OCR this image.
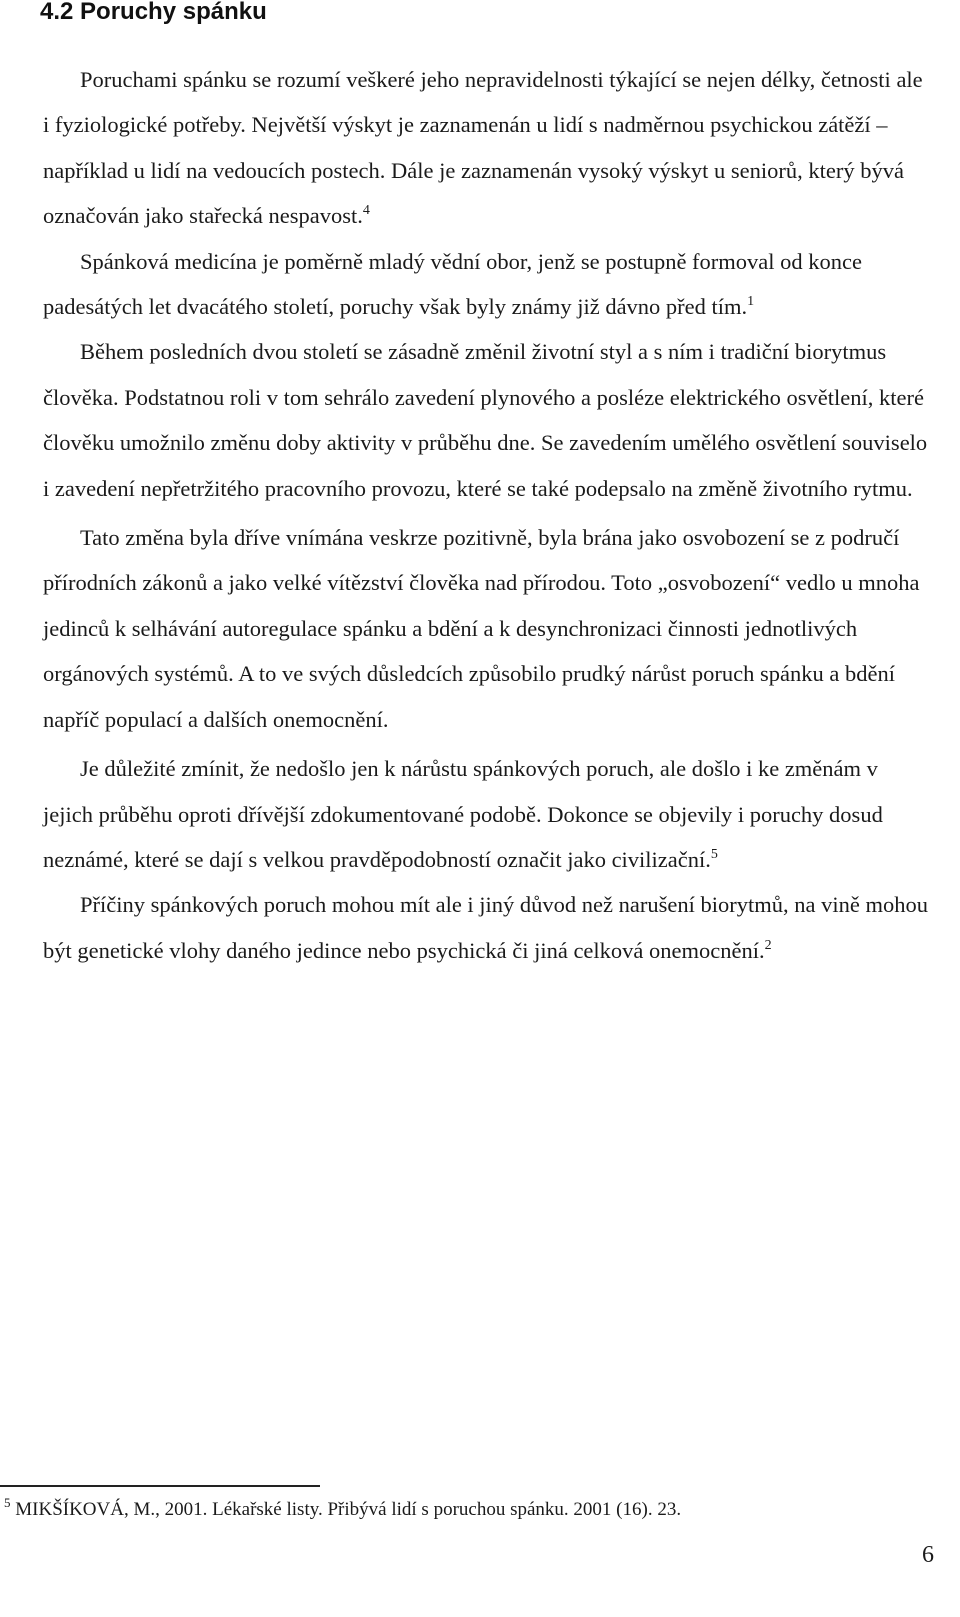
4.2 Poruchy spánku

Poruchami spánku se rozumí veškeré jeho nepravidelnosti týkající se nejen délky, četnosti ale i fyziologické potřeby. Největší výskyt je zaznamenán u lidí s nadměrnou psychickou zátěží – například u lidí na vedoucích postech. Dále je zaznamenán vysoký výskyt u seniorů, který bývá označován jako stařecká nespavost.$^4$

Spánková medicína je poměrně mladý vědní obor, jenž se postupně formoval od konce padesátých let dvacátého století, poruchy však byly známy již dávno před tím.$^1$

Během posledních dvou století se zásadně změnil životní styl a s ním i tradiční biorytmus člověka. Podstatnou roli v tom sehrálo zavedení plynového a posléze elektrického osvětlení, které člověku umožnilo změnu doby aktivity v průběhu dne. Se zavedením umělého osvětlení souviselo i zavedení nepřetržitého pracovního provozu, které se také podepsalo na změně životního rytmu.

Tato změna byla dříve vnímána veskrze pozitivně, byla brána jako osvobození se z područí přírodních zákonů a jako velké vítězství člověka nad přírodou. Toto „osvobození“ vedlo u mnoha jedinců k selhávání autoregulace spánku a bdění a k desynchronizaci činnosti jednotlivých orgánových systémů. A to ve svých důsledcích způsobilo prudký nárůst poruch spánku a bdění napříč populací a dalších onemocnění.

Je důležité zmínit, že nedošlo jen k nárůstu spánkových poruch, ale došlo i ke změnám v jejich průběhu oproti dřívější zdokumentované podobě. Dokonce se objevily i poruchy dosud neznámé, které se dají s velkou pravděpodobností označit jako civilizační.$^5$

Příčiny spánkových poruch mohou mít ale i jiný důvod než narušení biorytmů, na vině mohou být genetické vlohy daného jedince nebo psychická či jiná celková onemocnění.$^2$

$^5$ MIKŠÍKOVÁ, M., 2001. Lékařské listy. Přibývá lidí s poruchou spánku. 2001 (16). 23.

6
